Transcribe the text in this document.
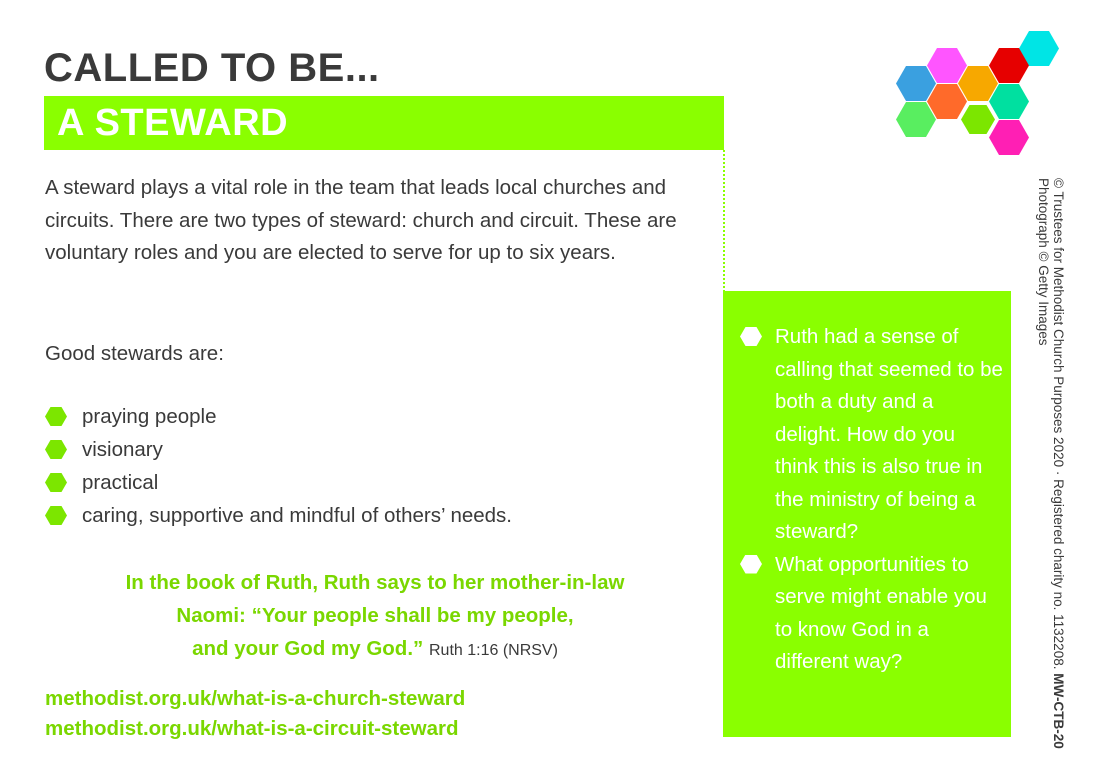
CALLED TO BE...
A STEWARD

A steward plays a vital role in the team that leads local churches and circuits. There are two types of steward: church and circuit. These are voluntary roles and you are elected to serve for up to six years.

Good stewards are:

praying people
visionary
practical
caring, supportive and mindful of others’ needs.

In the book of Ruth, Ruth says to her mother-in-law
Naomi: “Your people shall be my people,
and your God my God.” Ruth 1:16 (NRSV)

methodist.org.uk/what-is-a-church-steward
methodist.org.uk/what-is-a-circuit-steward
Ruth had a sense of calling that seemed to be both a duty and a delight. How do you think this is also true in the ministry of being a steward?
What opportunities to serve might enable you to know God in a different way?	© Trustees for Methodist Church Purposes 2020 · Registered charity no. 1132208. MW-CTB-20
Photograph © Getty Images
